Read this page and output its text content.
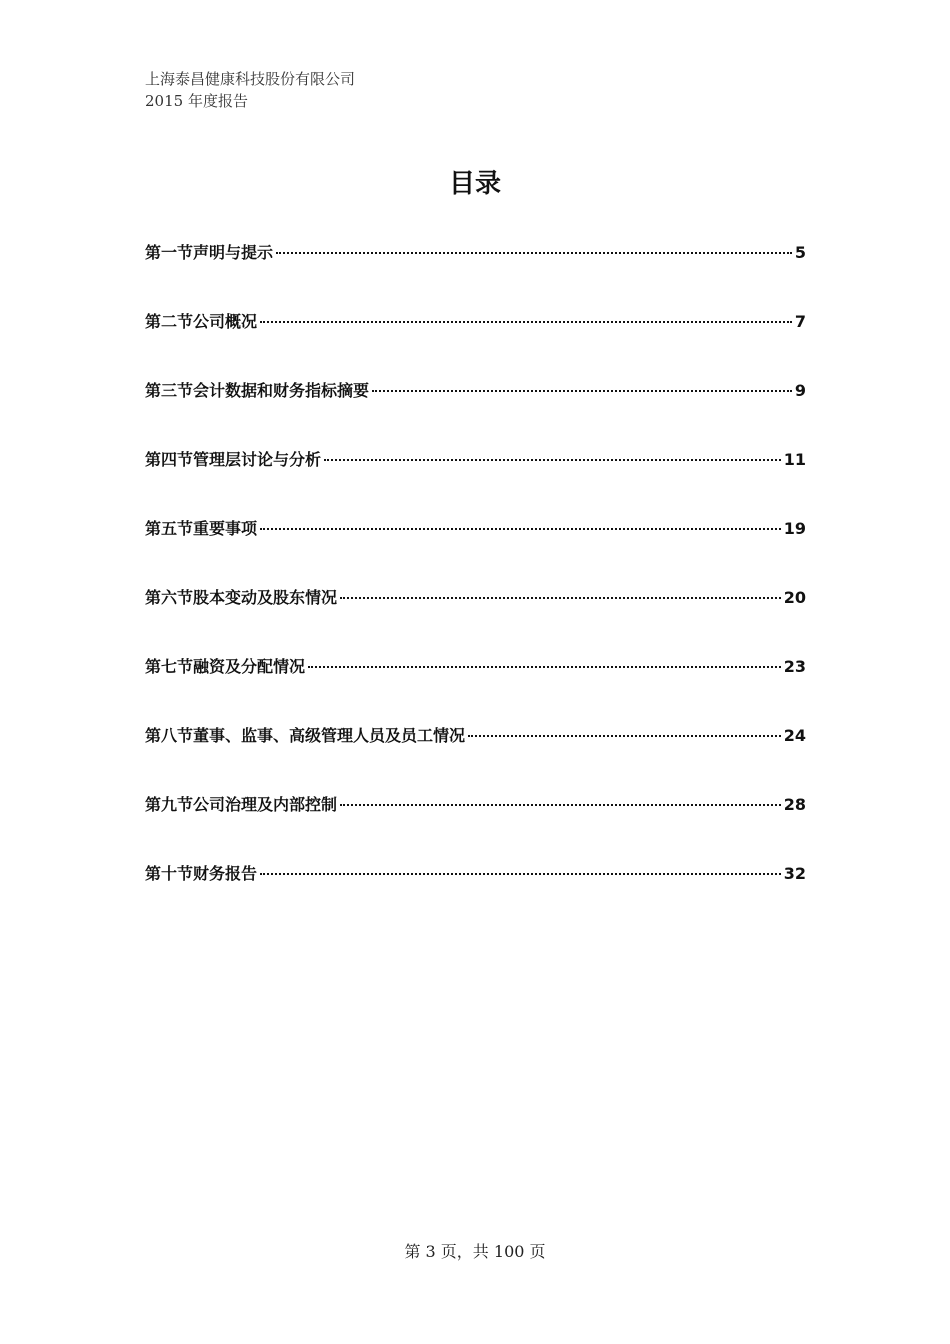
上海泰昌健康科技股份有限公司
2015 年度报告
目录
第一节声明与提示	5
第二节公司概况	7
第三节会计数据和财务指标摘要	9
第四节管理层讨论与分析	11
第五节重要事项	19
第六节股本变动及股东情况	20
第七节融资及分配情况	23
第八节董事、监事、高级管理人员及员工情况	24
第九节公司治理及内部控制	28
第十节财务报告	32
第 3 页，共 100 页
